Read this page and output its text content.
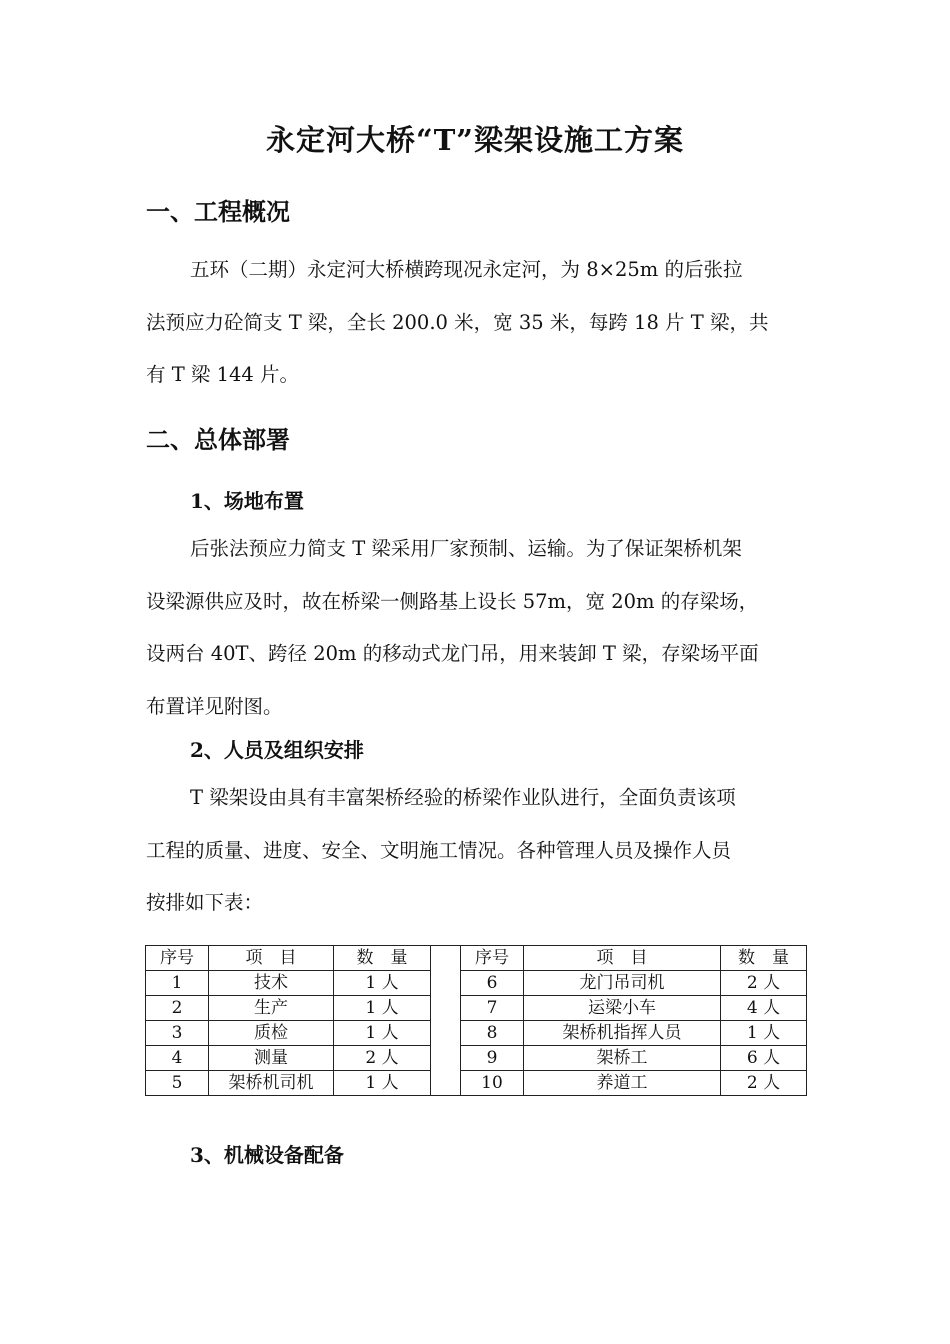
永定河大桥“T”梁架设施工方案
一、工程概况
五环（二期）永定河大桥横跨现况永定河，为 8×25m 的后张拉
法预应力砼简支 T 梁，全长 200.0 米，宽 35 米，每跨 18 片 T 梁，共
有 T 梁 144 片。
二、总体部署
1、场地布置
后张法预应力简支 T 梁采用厂家预制、运输。为了保证架桥机架
设梁源供应及时，故在桥梁一侧路基上设长 57m，宽 20m 的存梁场，
设两台 40T、跨径 20m 的移动式龙门吊，用来装卸 T 梁，存梁场平面
布置详见附图。
2、人员及组织安排
T 梁架设由具有丰富架桥经验的桥梁作业队进行，全面负责该项
工程的质量、进度、安全、文明施工情况。各种管理人员及操作人员
按排如下表：
序号	项　目	数　量		序号	项　目	数　量
1	技术	1 人		6	龙门吊司机	2 人
2	生产	1 人		7	运梁小车	4 人
3	质检	1 人		8	架桥机指挥人员	1 人
4	测量	2 人		9	架桥工	6 人
5	架桥机司机	1 人		10	养道工	2 人
3、机械设备配备
